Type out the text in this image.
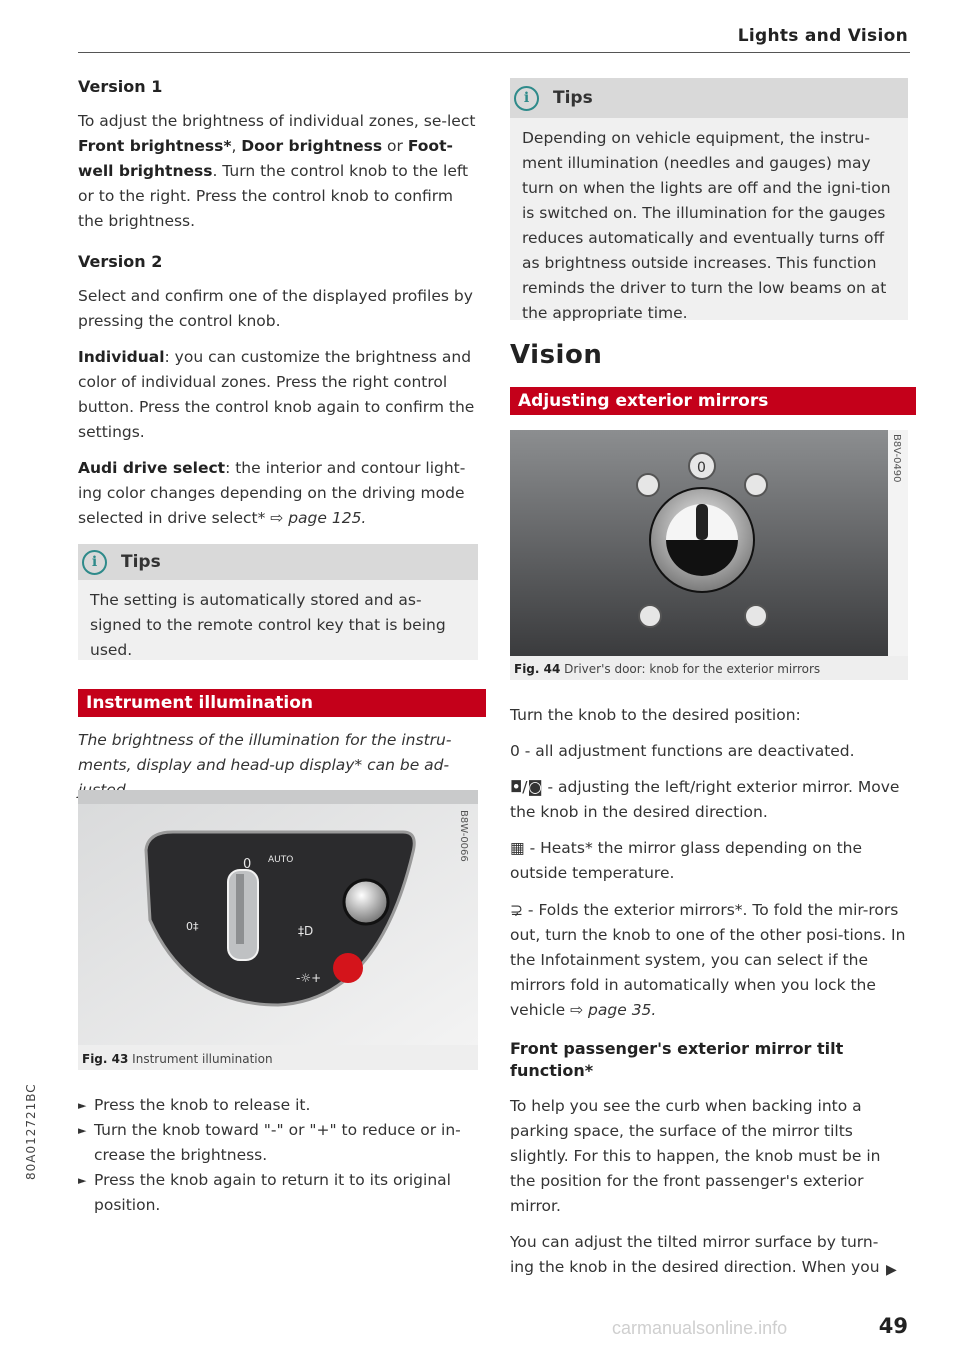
Lights and Vision
80A012721BC
Version 1

To adjust the brightness of individual zones, se-lect Front brightness*, Door brightness or Foot-well brightness. Turn the control knob to the left or to the right. Press the control knob to confirm the brightness.

Version 2

Select and confirm one of the displayed profiles by pressing the control knob.

Individual: you can customize the brightness and color of individual zones. Press the right control button. Press the control knob again to confirm the settings.

Audi drive select: the interior and contour light-ing color changes depending on the driving mode selected in drive select* ⇨ page 125.

i	Tips
The setting is automatically stored and as-signed to the remote control key that is being used.
Instrument illumination

The brightness of the illumination for the instru-ments, display and head-up display* can be ad-

0 AUTO
0‡
-☼+
‡D
B8W-0066
Fig. 43 Instrument illumination
► Press the knob to release it.
► Turn the knob toward "-" or "+" to reduce or in-crease the brightness.
► Press the knob again to return it to its original position.
i	Tips
Depending on vehicle equipment, the instru-ment illumination (needles and gauges) may turn on when the lights are off and the igni-tion is switched on. The illumination for the gauges reduces automatically and eventually turns off as brightness outside increases. This function reminds the driver to turn the low beams on at the appropriate time.
Vision
Adjusting exterior mirrors
0	B8V-0490
Fig. 44 Driver's door: knob for the exterior mirrors

Turn the knob to the desired position:

0 - all adjustment functions are deactivated.

◘/◙ - adjusting the left/right exterior mirror. Move the knob in the desired direction.

▦ - Heats* the mirror glass depending on the outside temperature.

⊋ - Folds the exterior mirrors*. To fold the mir-rors out, turn the knob to one of the other posi-tions. In the Infotainment system, you can select if the mirrors fold in automatically when you lock the vehicle ⇨ page 35.

Front passenger's exterior mirror tilt function*

To help you see the curb when backing into a parking space, the surface of the mirror tilts slightly. For this to happen, the knob must be in the position for the front passenger's exterior mirror.

You can adjust the tilted mirror surface by turn-ing the knob in the desired direction. When you ▶
49
carmanualsonline.info
